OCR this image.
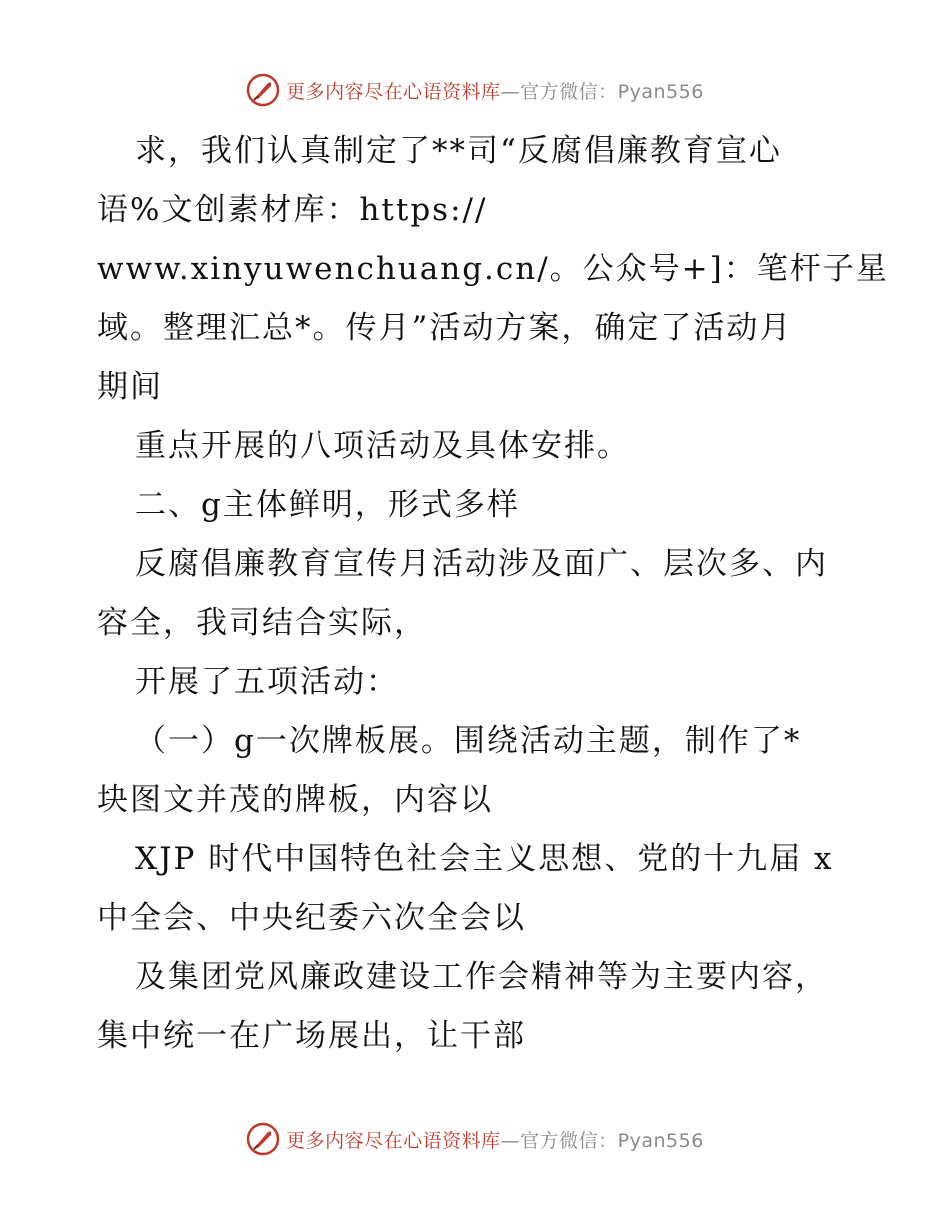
更多内容尽在心语资料库—官方微信：Pyan556
求，我们认真制定了**司“反腐倡廉教育宣心
语%文创素材库：https://
www.xinyuwenchuang.cn/。公众号+]：笔杆子星
域。整理汇总*。传月”活动方案，确定了活动月
期间
重点开展的八项活动及具体安排。
二、g主体鲜明，形式多样
反腐倡廉教育宣传月活动涉及面广、层次多、内
容全，我司结合实际，
开展了五项活动：
（一）g一次牌板展。围绕活动主题，制作了*
块图文并茂的牌板，内容以
XJP 时代中国特色社会主义思想、党的十九届 x
中全会、中央纪委六次全会以
及集团党风廉政建设工作会精神等为主要内容，
集中统一在广场展出，让干部
更多内容尽在心语资料库—官方微信：Pyan556
